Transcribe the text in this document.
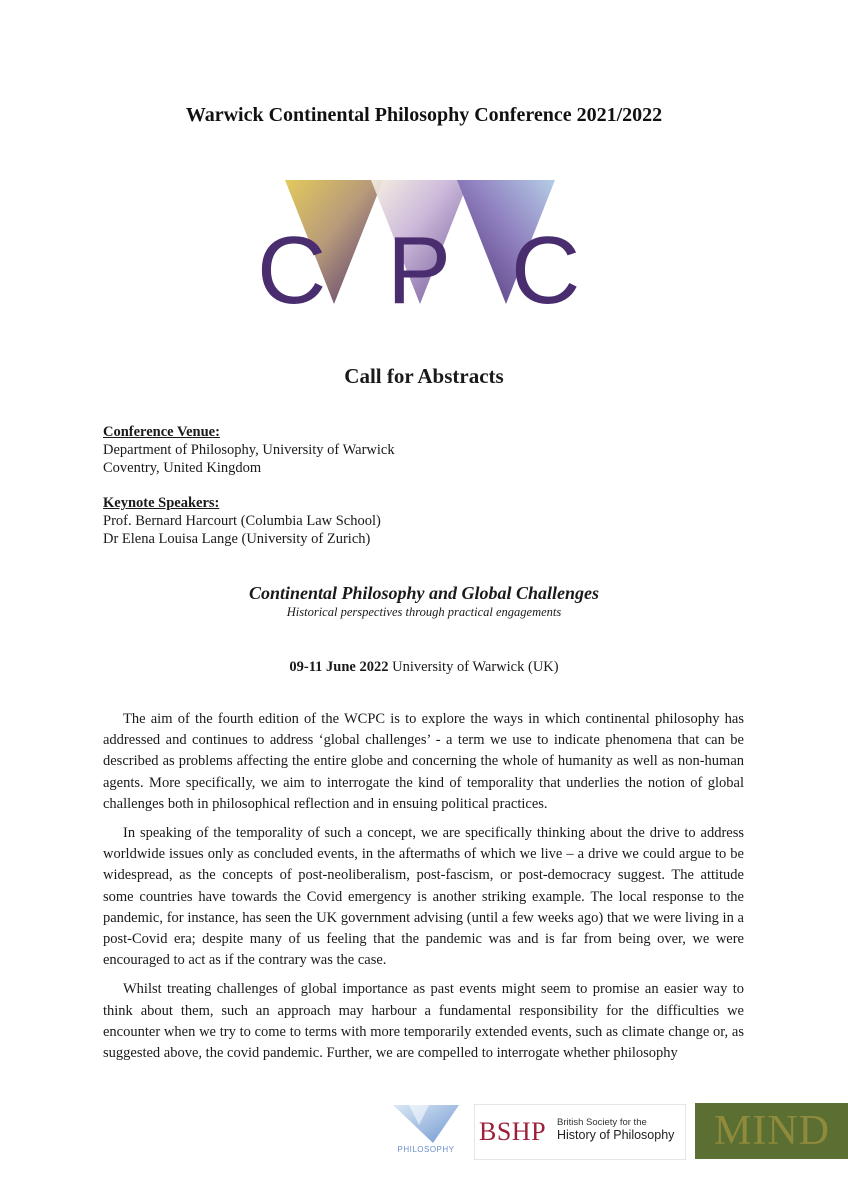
Warwick Continental Philosophy Conference 2021/2022
C P C
Call for Abstracts
Conference Venue:
Department of Philosophy, University of Warwick
Coventry, United Kingdom
Keynote Speakers:
Prof. Bernard Harcourt (Columbia Law School)
Dr Elena Louisa Lange (University of Zurich)
Continental Philosophy and Global Challenges
Historical perspectives through practical engagements
09-11 June 2022 University of Warwick (UK)

The aim of the fourth edition of the WCPC is to explore the ways in which continental philosophy has addressed and continues to address ‘global challenges’ - a term we use to indicate phenomena that can be described as problems affecting the entire globe and concerning the whole of humanity as well as non-human agents. More specifically, we aim to interrogate the kind of temporality that underlies the notion of global challenges both in philosophical reflection and in ensuing political practices.

In speaking of the temporality of such a concept, we are specifically thinking about the drive to address worldwide issues only as concluded events, in the aftermaths of which we live – a drive we could argue to be widespread, as the concepts of post-neoliberalism, post-fascism, or post-democracy suggest. The attitude some countries have towards the Covid emergency is another striking example. The local response to the pandemic, for instance, has seen the UK government advising (until a few weeks ago) that we were living in a post-Covid era; despite many of us feeling that the pandemic was and is far from being over, we were encouraged to act as if the contrary was the case.

Whilst treating challenges of global importance as past events might seem to promise an easier way to think about them, such an approach may harbour a fundamental responsibility for the difficulties we encounter when we try to come to terms with more temporarily extended events, such as climate change or, as suggested above, the covid pandemic. Further, we are compelled to interrogate whether philosophy

PHILOSOPHY
BSHP British Society for the
History of Philosophy MIND
